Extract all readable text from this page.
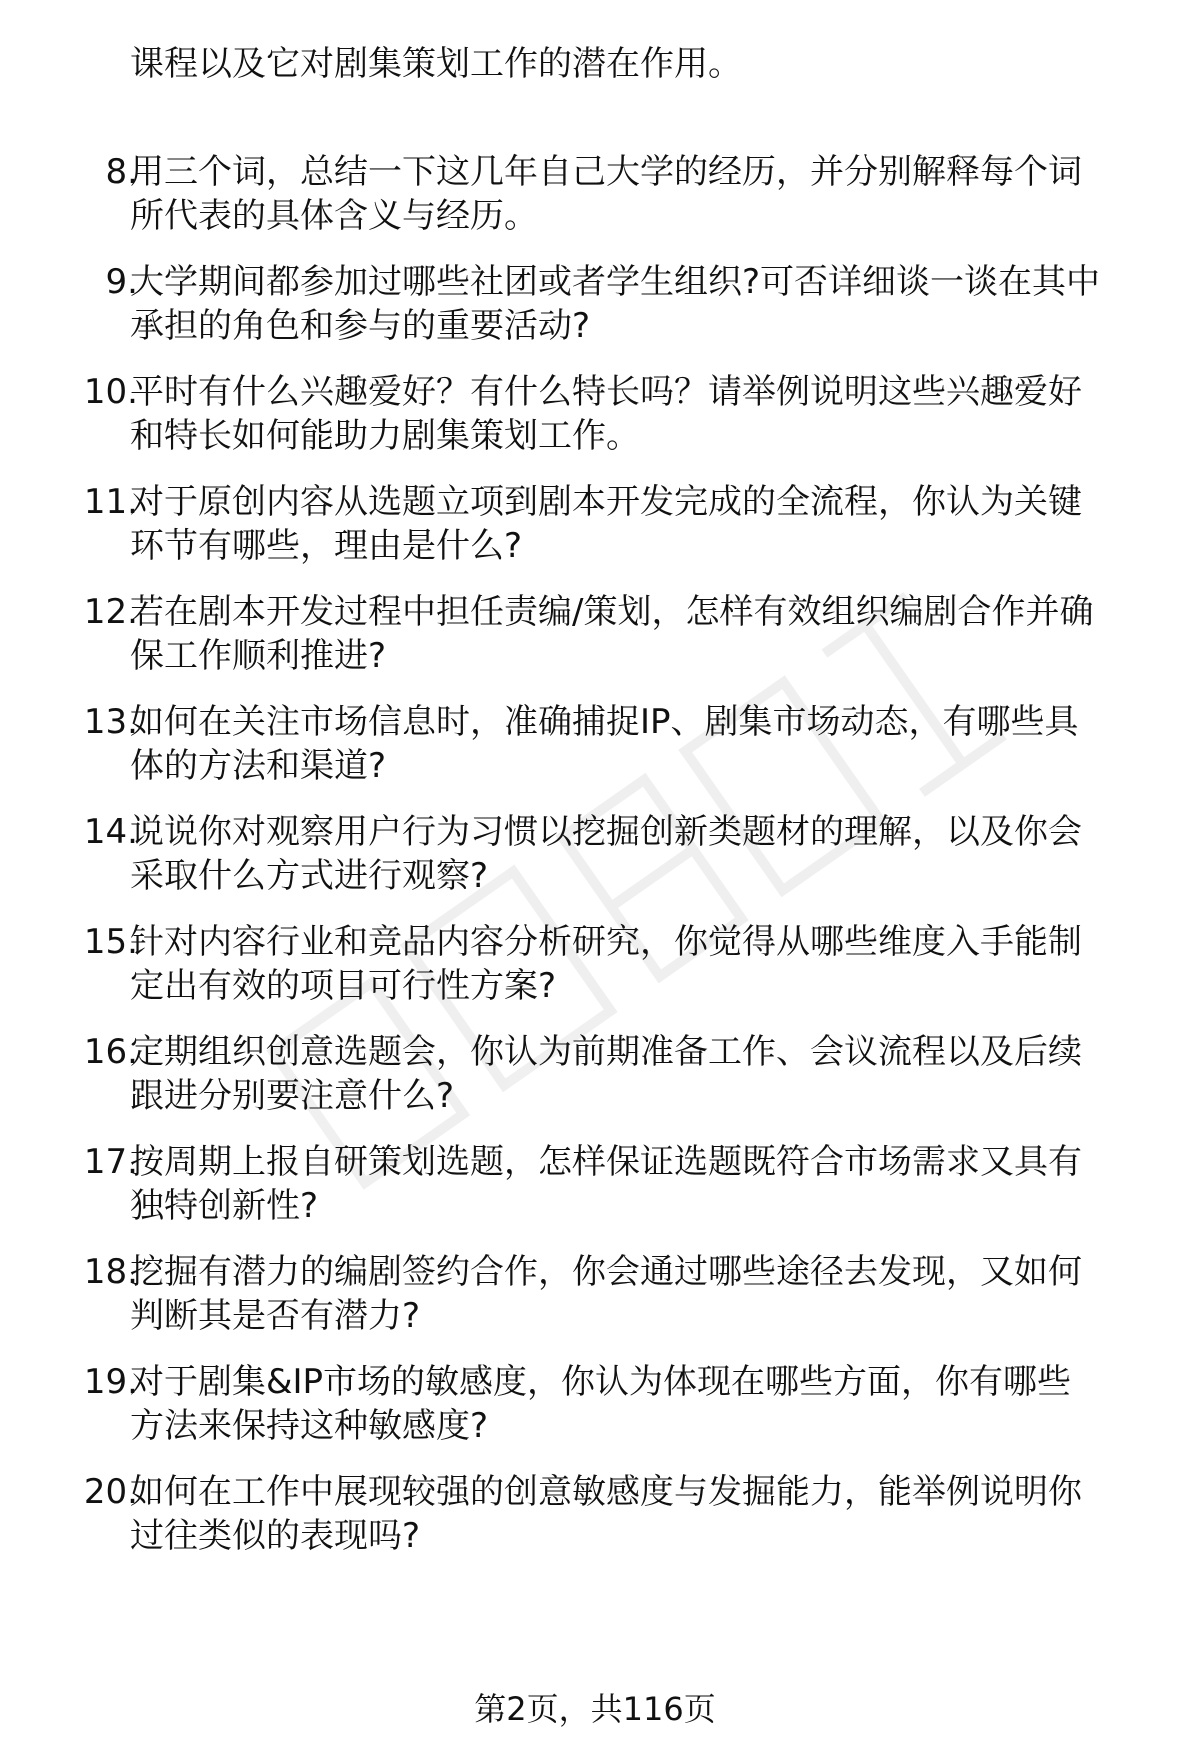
课程以及它对剧集策划工作的潜在作用。
8.
用三个词，总结一下这几年自己大学的经历，并分别解释每个词
所代表的具体含义与经历。
9.
大学期间都参加过哪些社团或者学生组织?可否详细谈一谈在其中
承担的角色和参与的重要活动?
10.
平时有什么兴趣爱好？有什么特长吗？请举例说明这些兴趣爱好
和特长如何能助力剧集策划工作。
11.
对于原创内容从选题立项到剧本开发完成的全流程，你认为关键
环节有哪些，理由是什么?
12.
若在剧本开发过程中担任责编/策划，怎样有效组织编剧合作并确
保工作顺利推进?
13.
如何在关注市场信息时，准确捕捉IP、剧集市场动态，有哪些具
体的方法和渠道?
14.
说说你对观察用户行为习惯以挖掘创新类题材的理解，以及你会
采取什么方式进行观察?
15.
针对内容行业和竞品内容分析研究，你觉得从哪些维度入手能制
定出有效的项目可行性方案?
16.
定期组织创意选题会，你认为前期准备工作、会议流程以及后续
跟进分别要注意什么?
17.
按周期上报自研策划选题，怎样保证选题既符合市场需求又具有
独特创新性?
18.
挖掘有潜力的编剧签约合作，你会通过哪些途径去发现，又如何
判断其是否有潜力?
19.
对于剧集&IP市场的敏感度，你认为体现在哪些方面，你有哪些
方法来保持这种敏感度?
20.
如何在工作中展现较强的创意敏感度与发掘能力，能举例说明你
过往类似的表现吗?
第2页，共116页
